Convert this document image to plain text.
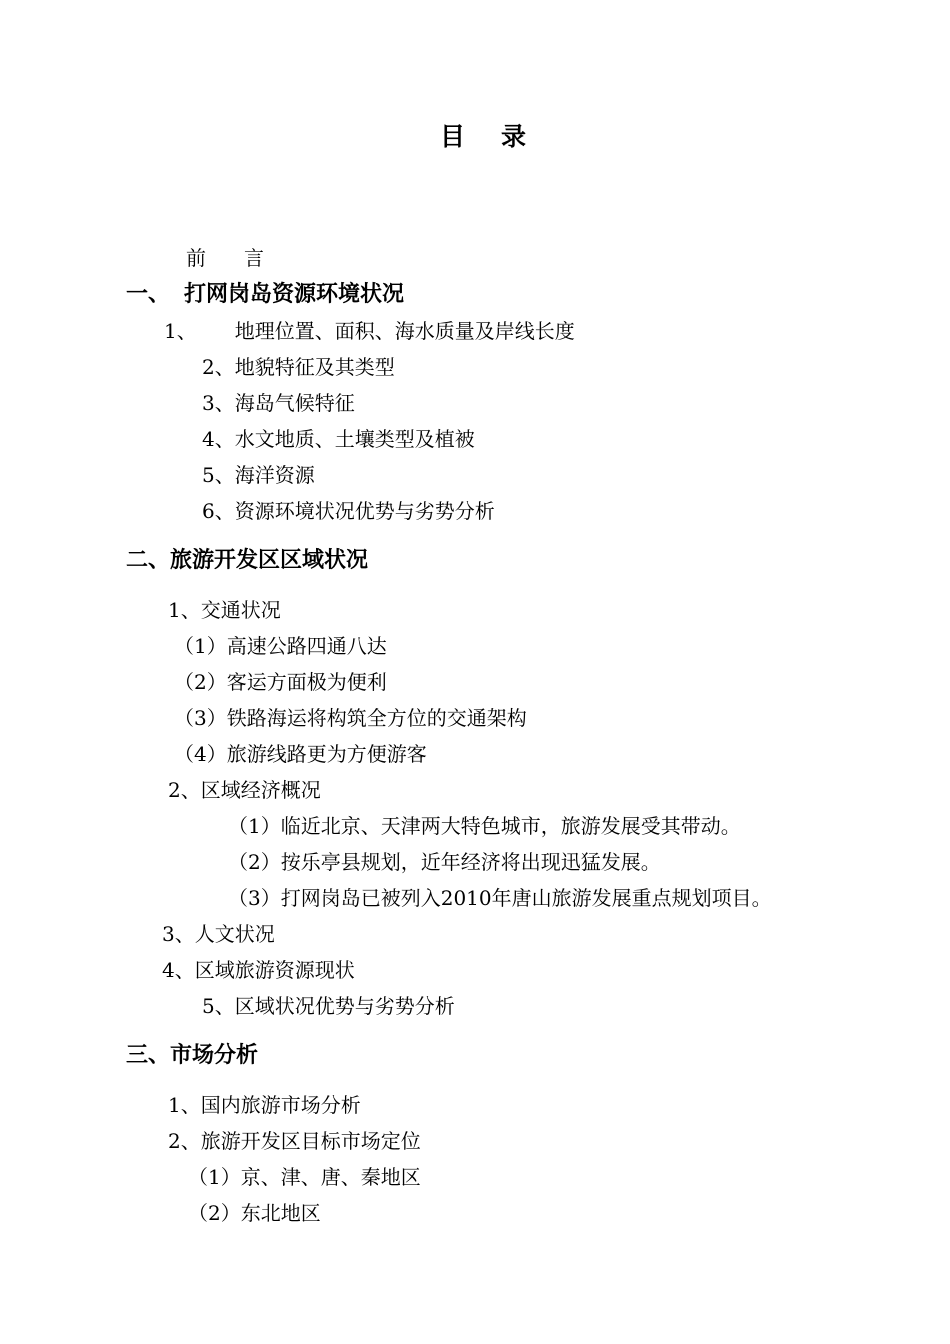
目 录
前 言
一、 打网岗岛资源环境状况
1、 地理位置、面积、海水质量及岸线长度
2、地貌特征及其类型
3、海岛气候特征
4、水文地质、土壤类型及植被
5、海洋资源
6、资源环境状况优势与劣势分析
二、旅游开发区区域状况
1、交通状况
（1）高速公路四通八达
（2）客运方面极为便利
（3）铁路海运将构筑全方位的交通架构
（4）旅游线路更为方便游客
2、区域经济概况
（1）临近北京、天津两大特色城市，旅游发展受其带动。
（2）按乐亭县规划，近年经济将出现迅猛发展。
（3）打网岗岛已被列入2010年唐山旅游发展重点规划项目。
3、人文状况
4、区域旅游资源现状
5、区域状况优势与劣势分析
三、市场分析
1、国内旅游市场分析
2、旅游开发区目标市场定位
（1）京、津、唐、秦地区
（2）东北地区
